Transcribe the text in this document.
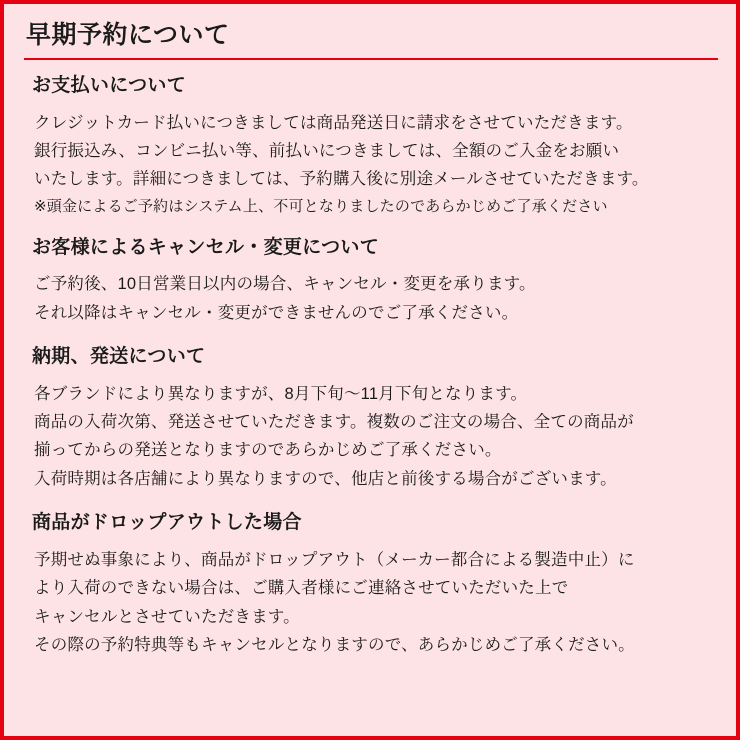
早期予約について
お支払いについて

クレジットカード払いにつきましては商品発送日に請求をさせていただきます。

銀行振込み、コンビニ払い等、前払いにつきましては、全額のご入金をお願い

いたします。詳細につきましては、予約購入後に別途メールさせていただきます。

※頭金によるご予約はシステム上、不可となりましたのであらかじめご了承ください

お客様によるキャンセル・変更について

ご予約後、10日営業日以内の場合、キャンセル・変更を承ります。

それ以降はキャンセル・変更ができませんのでご了承ください。

納期、発送について

各ブランドにより異なりますが、8月下旬〜11月下旬となります。

商品の入荷次第、発送させていただきます。複数のご注文の場合、全ての商品が

揃ってからの発送となりますのであらかじめご了承ください。

入荷時期は各店舗により異なりますので、他店と前後する場合がございます。

商品がドロップアウトした場合

予期せぬ事象により、商品がドロップアウト（メーカー都合による製造中止）に

より入荷のできない場合は、ご購入者様にご連絡させていただいた上で

キャンセルとさせていただきます。

その際の予約特典等もキャンセルとなりますので、あらかじめご了承ください。
